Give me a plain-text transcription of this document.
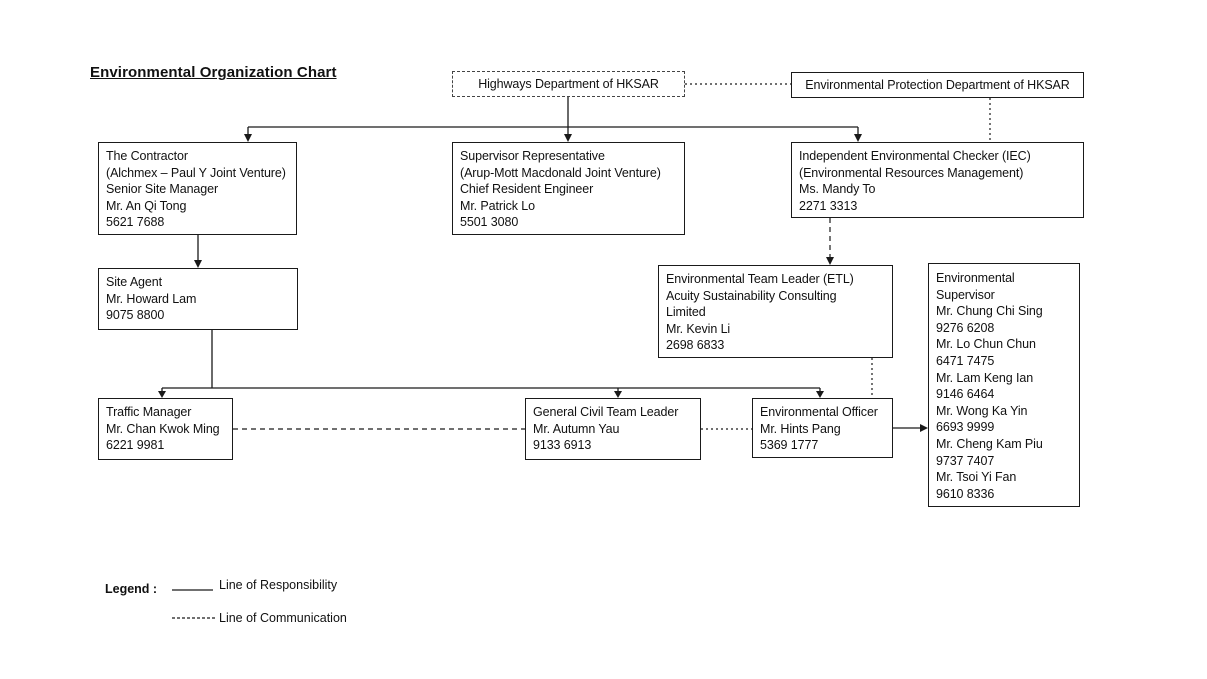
Environmental Organization Chart
Highways Department of HKSAR	Environmental Protection Department of HKSAR
The Contractor
(Alchmex – Paul Y Joint Venture)
Senior Site Manager
Mr. An Qi Tong
5621 7688
Supervisor Representative
(Arup-Mott Macdonald Joint Venture)
Chief Resident Engineer
Mr. Patrick Lo
5501 3080
Independent Environmental Checker (IEC)
(Environmental Resources Management)
Ms. Mandy To
2271 3313
Site Agent
Mr. Howard Lam
9075 8800
Environmental Team Leader (ETL)
Acuity Sustainability Consulting
Limited
Mr. Kevin Li
2698 6833
Environmental
Supervisor
Mr. Chung Chi Sing
9276 6208
Mr. Lo Chun Chun
6471 7475
Mr. Lam Keng Ian
9146 6464
Mr. Wong Ka Yin
6693 9999
Mr. Cheng Kam Piu
9737 7407
Mr. Tsoi Yi Fan
9610 8336
Traffic Manager
Mr. Chan Kwok Ming
6221 9981
General Civil Team Leader
Mr. Autumn Yau
9133 6913
Environmental Officer
Mr. Hints Pang
5369 1777
Legend :	Line of Responsibility
Line of Communication
